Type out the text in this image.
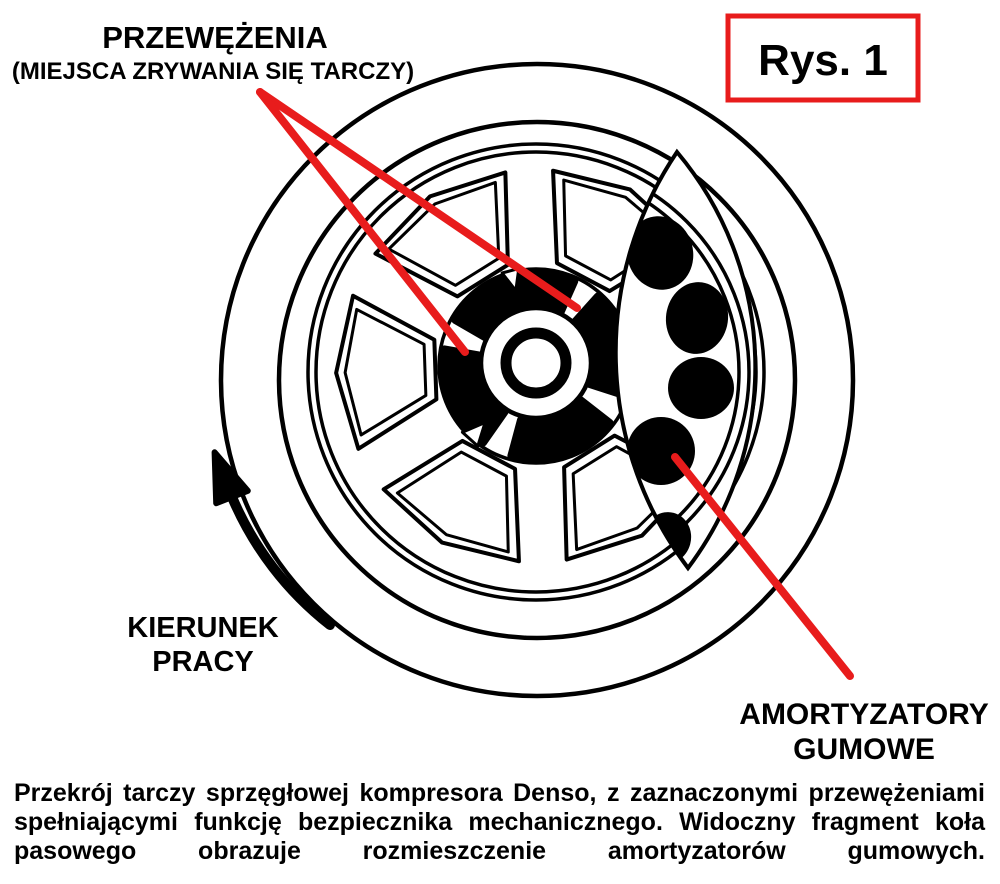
Rys. 1
PRZEWĘŻENIA
(MIEJSCA ZRYWANIA SIĘ TARCZY)
KIERUNEK
PRACY
AMORTYZATORY
GUMOWE
Przekrój tarczy sprzęgłowej kompresora Denso, z zaznaczonymi przewężeniami
spełniającymi funkcję bezpiecznika mechanicznego. Widoczny fragment koła
pasowego obrazuje rozmieszczenie amortyzatorów gumowych.
